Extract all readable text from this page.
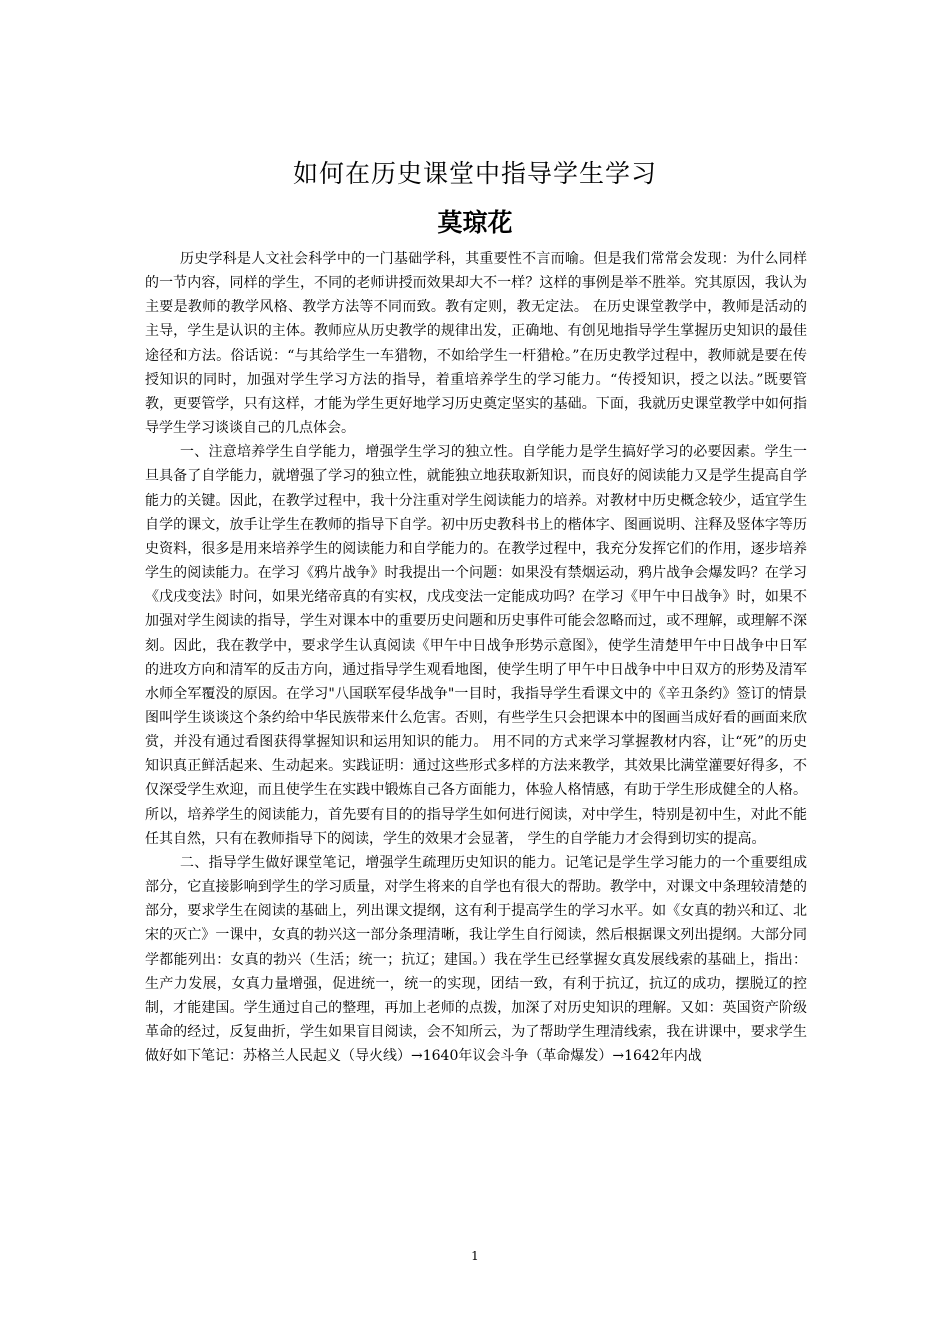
如何在历史课堂中指导学生学习
莫琼花

历史学科是人文社会科学中的一门基础学科，其重要性不言而喻。但是我们常常会发现：为什么同样的一节内容，同样的学生，不同的老师讲授而效果却大不一样？这样的事例是举不胜举。究其原因，我认为主要是教师的教学风格、教学方法等不同而致。教有定则，教无定法。 在历史课堂教学中，教师是活动的主导，学生是认识的主体。教师应从历史教学的规律出发，正确地、有创见地指导学生掌握历史知识的最佳途径和方法。俗话说：“与其给学生一车猎物，不如给学生一杆猎枪。”在历史教学过程中，教师就是要在传授知识的同时，加强对学生学习方法的指导，着重培养学生的学习能力。“传授知识，授之以法。”既要管教，更要管学，只有这样，才能为学生更好地学习历史奠定坚实的基础。下面，我就历史课堂教学中如何指导学生学习谈谈自己的几点体会。

一、注意培养学生自学能力，增强学生学习的独立性。自学能力是学生搞好学习的必要因素。学生一旦具备了自学能力，就增强了学习的独立性，就能独立地获取新知识，而良好的阅读能力又是学生提高自学能力的关键。因此，在教学过程中，我十分注重对学生阅读能力的培养。对教材中历史概念较少，适宜学生自学的课文，放手让学生在教师的指导下自学。初中历史教科书上的楷体字、图画说明、注释及竖体字等历史资料，很多是用来培养学生的阅读能力和自学能力的。在教学过程中，我充分发挥它们的作用，逐步培养学生的阅读能力。在学习《鸦片战争》时我提出一个问题：如果没有禁烟运动，鸦片战争会爆发吗？在学习《戊戌变法》时问，如果光绪帝真的有实权，戊戌变法一定能成功吗？在学习《甲午中日战争》时，如果不加强对学生阅读的指导，学生对课本中的重要历史问题和历史事件可能会忽略而过，或不理解，或理解不深刻。因此，我在教学中，要求学生认真阅读《甲午中日战争形势示意图》，使学生清楚甲午中日战争中日军的进攻方向和清军的反击方向，通过指导学生观看地图，使学生明了甲午中日战争中中日双方的形势及清军水师全军覆没的原因。在学习"八国联军侵华战争"一目时，我指导学生看课文中的《辛丑条约》签订的情景图叫学生谈谈这个条约给中华民族带来什么危害。否则，有些学生只会把课本中的图画当成好看的画面来欣赏，并没有通过看图获得掌握知识和运用知识的能力。 用不同的方式来学习掌握教材内容，让“死”的历史知识真正鲜活起来、生动起来。实践证明：通过这些形式多样的方法来教学，其效果比满堂灌要好得多，不仅深受学生欢迎，而且使学生在实践中锻炼自己各方面能力，体验人格情感，有助于学生形成健全的人格。所以，培养学生的阅读能力，首先要有目的的指导学生如何进行阅读，对中学生，特别是初中生，对此不能任其自然，只有在教师指导下的阅读，学生的效果才会显著， 学生的自学能力才会得到切实的提高。

二、指导学生做好课堂笔记，增强学生疏理历史知识的能力。记笔记是学生学习能力的一个重要组成部分，它直接影响到学生的学习质量，对学生将来的自学也有很大的帮助。教学中，对课文中条理较清楚的部分，要求学生在阅读的基础上，列出课文提纲，这有利于提高学生的学习水平。如《女真的勃兴和辽、北宋的灭亡》一课中，女真的勃兴这一部分条理清晰，我让学生自行阅读，然后根据课文列出提纲。大部分同学都能列出：女真的勃兴（生活；统一；抗辽；建国。）我在学生已经掌握女真发展线索的基础上，指出：生产力发展，女真力量增强，促进统一，统一的实现，团结一致，有利于抗辽，抗辽的成功，摆脱辽的控制，才能建国。学生通过自己的整理，再加上老师的点拨，加深了对历史知识的理解。又如：英国资产阶级革命的经过，反复曲折，学生如果盲目阅读，会不知所云，为了帮助学生理清线索，我在讲课中，要求学生做好如下笔记：苏格兰人民起义（导火线）→1640年议会斗争（革命爆发）→1642年内战

1
